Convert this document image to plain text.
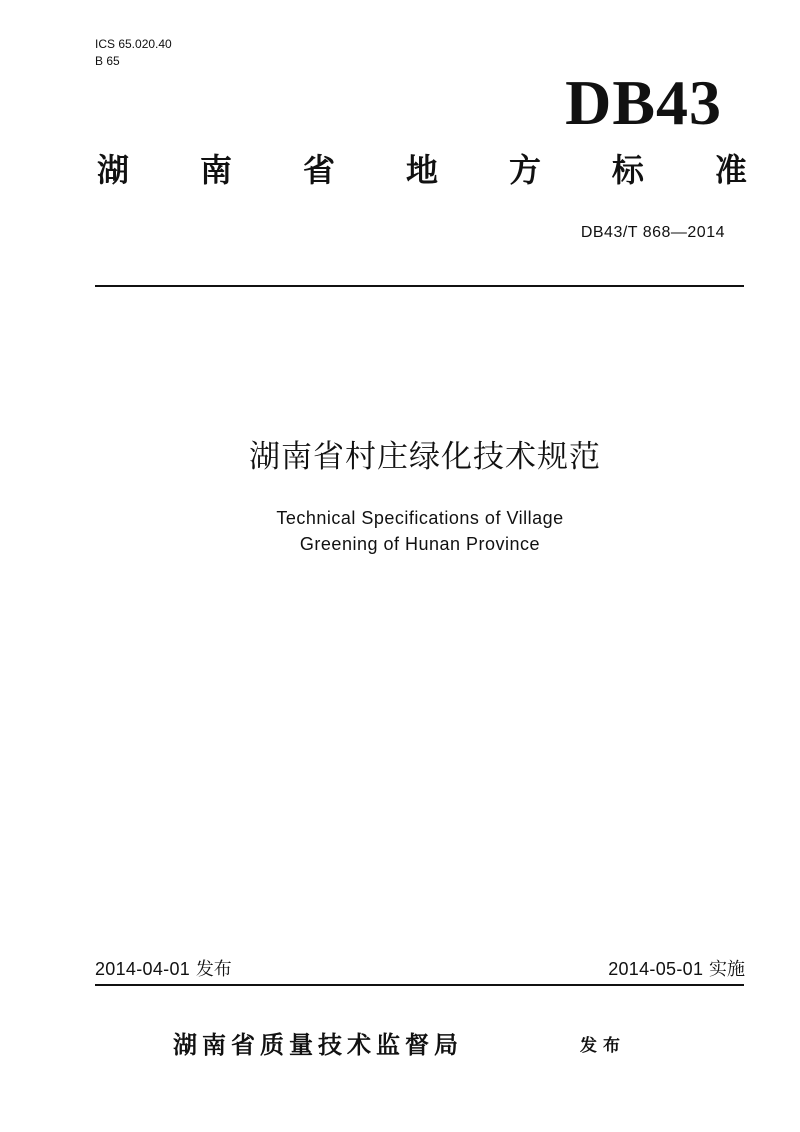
ICS 65.020.40
B 65
DB43
湖 南 省 地 方 标 准
DB43/T 868—2014
湖南省村庄绿化技术规范
Technical Specifications of Village
Greening of Hunan Province
2014-04-01 发布	2014-05-01 实施
湖南省质量技术监督局	发布
